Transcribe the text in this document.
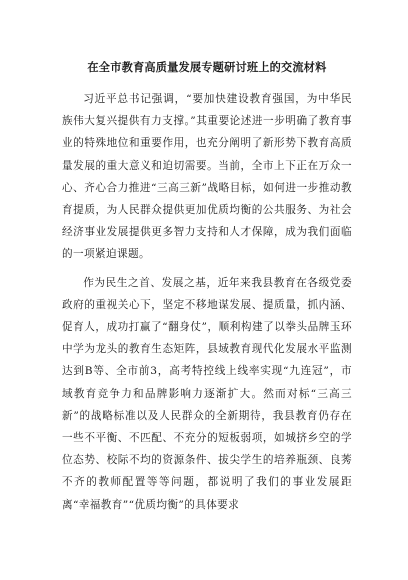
在全市教育高质量发展专题研讨班上的交流材料

习近平总书记强调，“要加快建设教育强国，为中华民族伟大复兴提供有力支撑。”其重要论述进一步明确了教育事业的特殊地位和重要作用，也充分阐明了新形势下教育高质量发展的重大意义和迫切需要。当前，全市上下正在万众一心、齐心合力推进“三高三新”战略目标，如何进一步推动教育提质，为人民群众提供更加优质均衡的公共服务、为社会经济事业发展提供更多智力支持和人才保障，成为我们面临的一项紧迫课题。

作为民生之首、发展之基，近年来我县教育在各级党委政府的重视关心下，坚定不移地谋发展、提质量，抓内涵、促育人，成功打赢了“翻身仗”，顺利构建了以拳头品牌玉环中学为龙头的教育生态矩阵，县域教育现代化发展水平监测达到B等、全市前3，高考特控线上线率实现“九连冠”，市域教育竞争力和品牌影响力逐渐扩大。然而对标“三高三新”的战略标准以及人民群众的全新期待，我县教育仍存在一些不平衡、不匹配、不充分的短板弱项，如城挤乡空的学位态势、校际不均的资源条件、拔尖学生的培养瓶颈、良莠不齐的教师配置等等问题，都说明了我们的事业发展距离“幸福教育”“优质均衡”的具体要求
